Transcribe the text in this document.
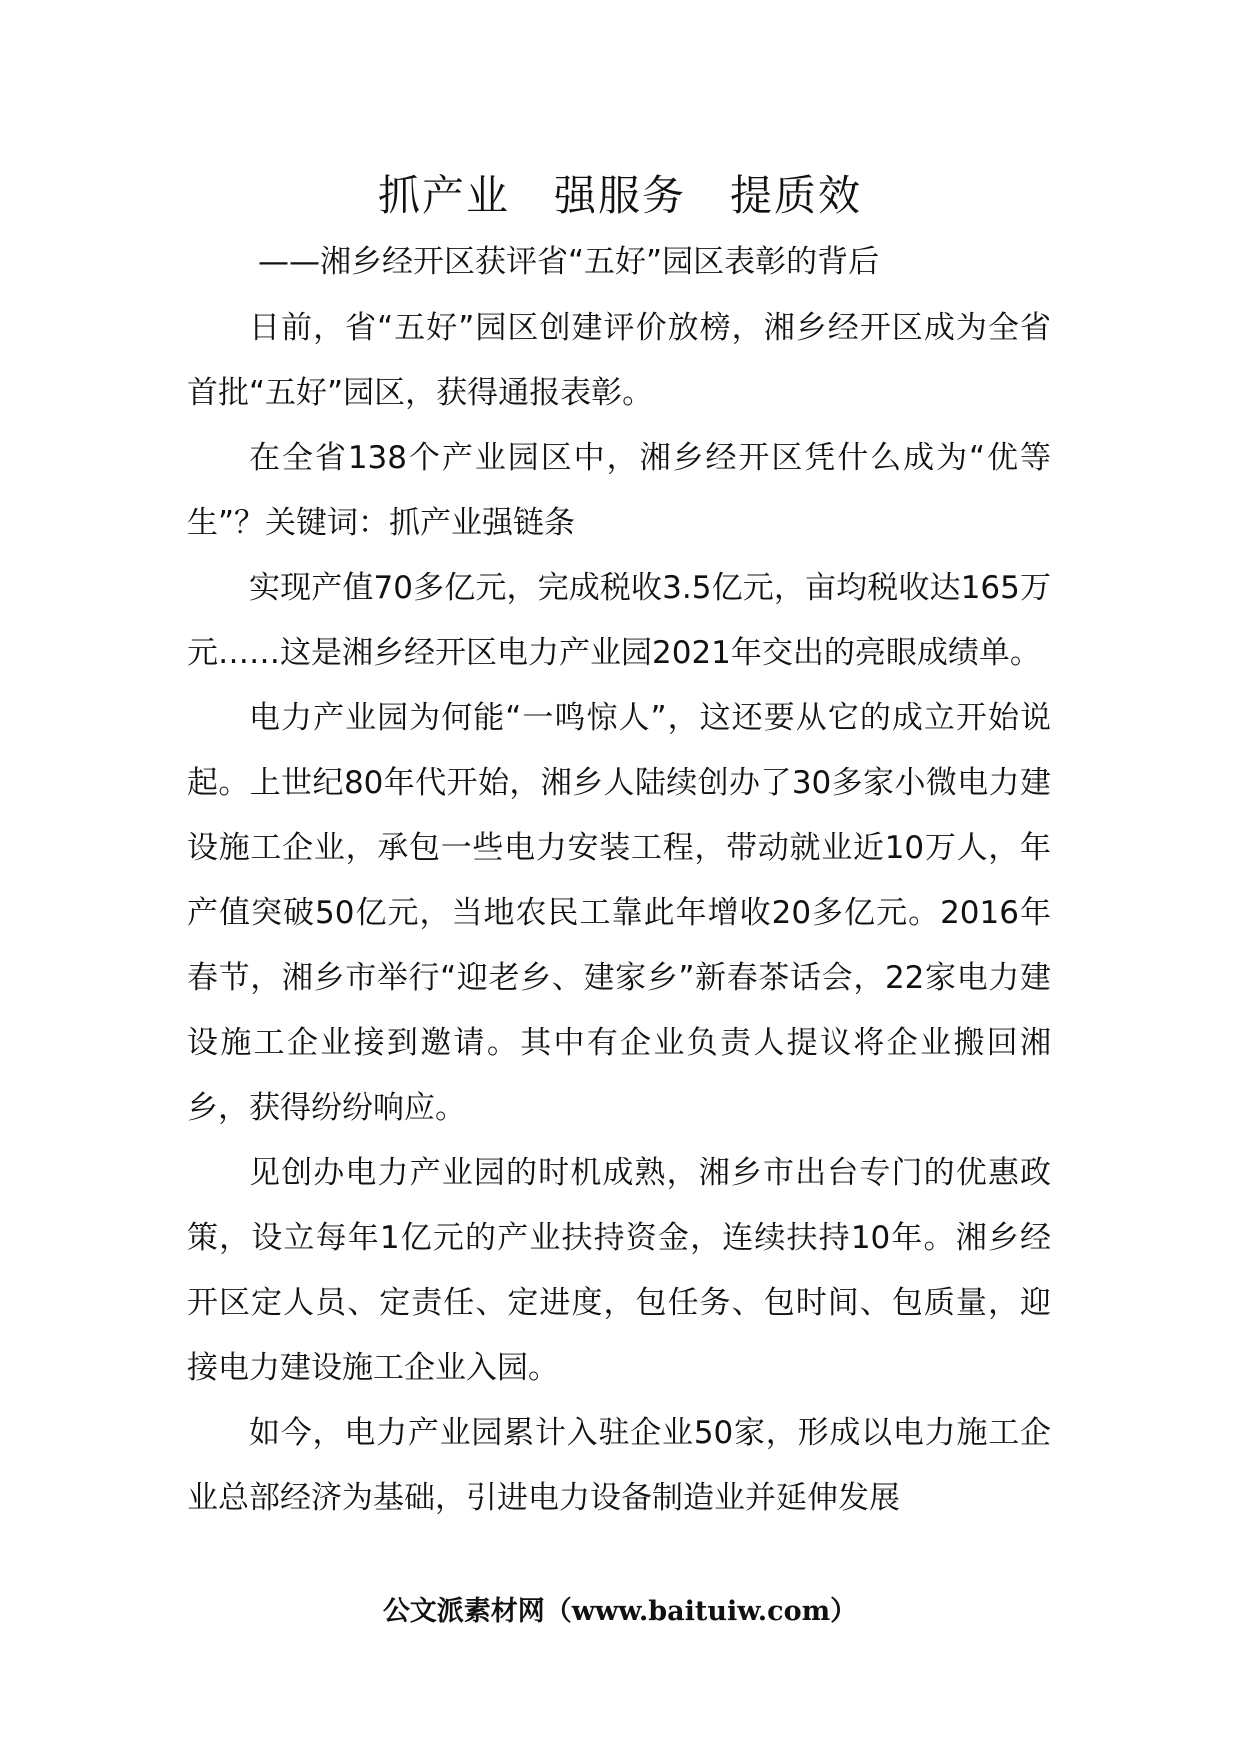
抓产业　强服务　提质效
——湘乡经开区获评省“五好”园区表彰的背后

日前，省“五好”园区创建评价放榜，湘乡经开区成为全省首批“五好”园区，获得通报表彰。

在全省138个产业园区中，湘乡经开区凭什么成为“优等生”？关键词：抓产业强链条

实现产值70多亿元，完成税收3.5亿元，亩均税收达165万元……这是湘乡经开区电力产业园2021年交出的亮眼成绩单。

电力产业园为何能“一鸣惊人”，这还要从它的成立开始说起。上世纪80年代开始，湘乡人陆续创办了30多家小微电力建设施工企业，承包一些电力安装工程，带动就业近10万人，年产值突破50亿元，当地农民工靠此年增收20多亿元。2016年春节，湘乡市举行“迎老乡、建家乡”新春茶话会，22家电力建设施工企业接到邀请。其中有企业负责人提议将企业搬回湘乡，获得纷纷响应。

见创办电力产业园的时机成熟，湘乡市出台专门的优惠政策，设立每年1亿元的产业扶持资金，连续扶持10年。湘乡经开区定人员、定责任、定进度，包任务、包时间、包质量，迎接电力建设施工企业入园。

如今，电力产业园累计入驻企业50家，形成以电力施工企业总部经济为基础，引进电力设备制造业并延伸发展

公文派素材网（www.baituiw.com）
